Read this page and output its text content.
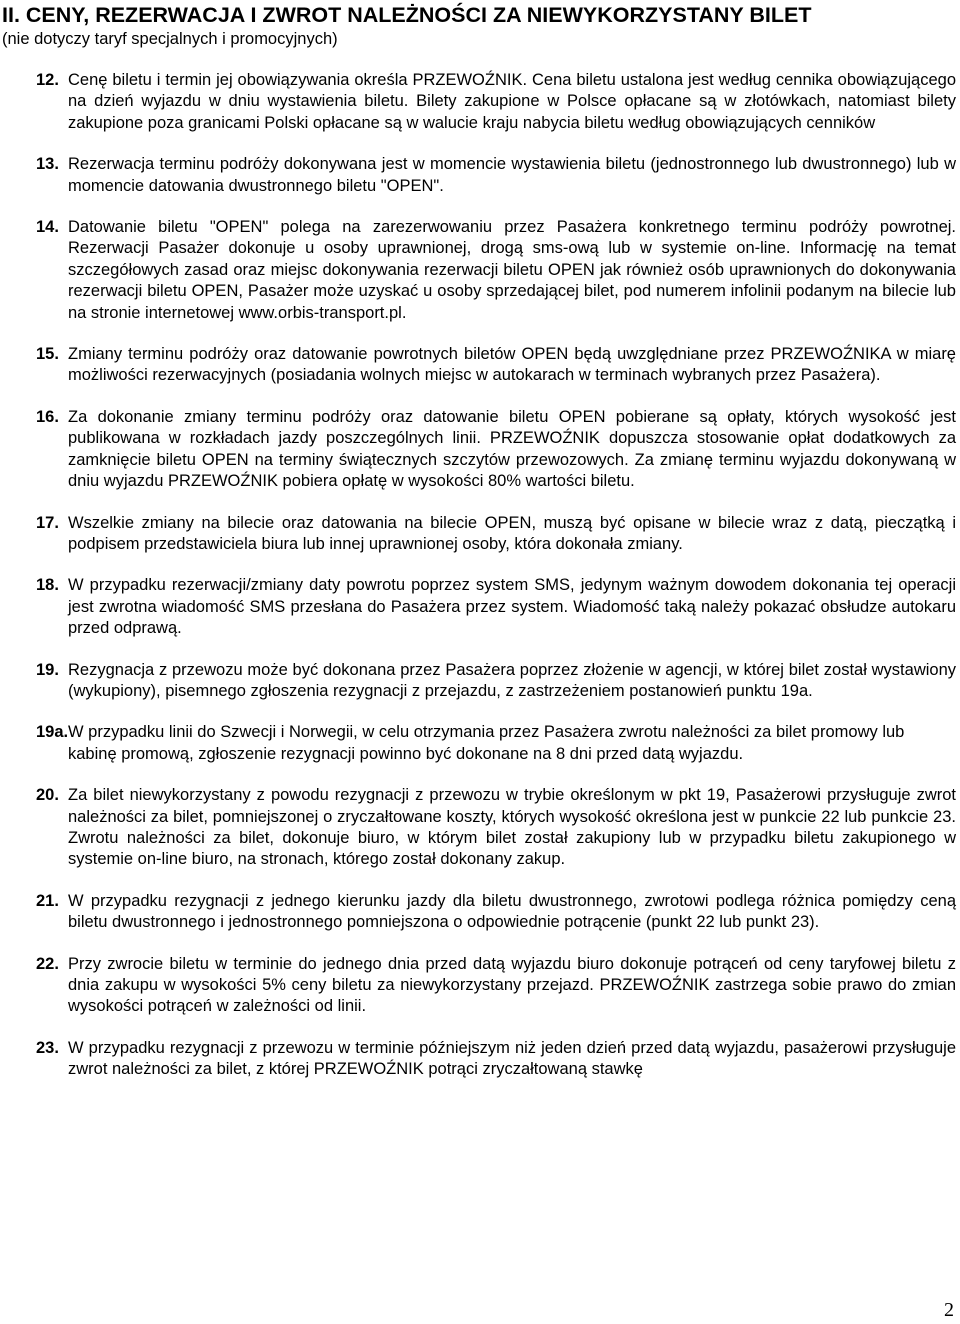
II. CENY, REZERWACJA I ZWROT NALEŻNOŚCI ZA NIEWYKORZYSTANY BILET

(nie dotyczy taryf specjalnych i promocyjnych)

12. Cenę biletu i termin jej obowiązywania określa PRZEWOŹNIK. Cena biletu ustalona jest według cennika obowiązującego na dzień wyjazdu w dniu wystawienia biletu. Bilety zakupione w Polsce opłacane są w złotówkach, natomiast bilety zakupione poza granicami Polski opłacane są w walucie kraju nabycia biletu według obowiązujących cenników
13. Rezerwacja terminu podróży dokonywana jest w momencie wystawienia biletu (jednostronnego lub dwustronnego) lub w momencie datowania dwustronnego biletu "OPEN".
14. Datowanie biletu "OPEN" polega na zarezerwowaniu przez Pasażera konkretnego terminu podróży powrotnej. Rezerwacji Pasażer dokonuje u osoby uprawnionej, drogą sms-ową lub w systemie on-line. Informację na temat szczegółowych zasad oraz miejsc dokonywania rezerwacji biletu OPEN jak również osób uprawnionych do dokonywania rezerwacji biletu OPEN, Pasażer może uzyskać u osoby sprzedającej bilet, pod numerem infolinii podanym na bilecie lub na stronie internetowej www.orbis-transport.pl.
15. Zmiany terminu podróży oraz datowanie powrotnych biletów OPEN będą uwzględniane przez PRZEWOŹNIKA w miarę możliwości rezerwacyjnych (posiadania wolnych miejsc w autokarach w terminach wybranych przez Pasażera).
16. Za dokonanie zmiany terminu podróży oraz datowanie biletu OPEN pobierane są opłaty, których wysokość jest publikowana w rozkładach jazdy poszczególnych linii. PRZEWOŹNIK dopuszcza stosowanie opłat dodatkowych za zamknięcie biletu OPEN na terminy świątecznych szczytów przewozowych. Za zmianę terminu wyjazdu dokonywaną w dniu wyjazdu PRZEWOŹNIK pobiera opłatę w wysokości 80% wartości biletu.
17. Wszelkie zmiany na bilecie oraz datowania na bilecie OPEN, muszą być opisane w bilecie wraz z datą, pieczątką i podpisem przedstawiciela biura lub innej uprawnionej osoby, która dokonała zmiany.
18. W przypadku rezerwacji/zmiany daty powrotu poprzez system SMS, jedynym ważnym dowodem dokonania tej operacji jest zwrotna wiadomość SMS przesłana do Pasażera przez system. Wiadomość taką należy pokazać obsłudze autokaru przed odprawą.
19. Rezygnacja z przewozu może być dokonana przez Pasażera poprzez złożenie w agencji, w której bilet został wystawiony (wykupiony), pisemnego zgłoszenia rezygnacji z przejazdu, z zastrzeżeniem postanowień punktu 19a.
19a. W przypadku linii do Szwecji i Norwegii, w celu otrzymania przez Pasażera zwrotu należności za bilet promowy lub kabinę promową, zgłoszenie rezygnacji powinno być dokonane na 8 dni przed datą wyjazdu.
20. Za bilet niewykorzystany z powodu rezygnacji z przewozu w trybie określonym w pkt 19, Pasażerowi przysługuje zwrot należności za bilet, pomniejszonej o zryczałtowane koszty, których wysokość określona jest w punkcie 22 lub punkcie 23. Zwrotu należności za bilet, dokonuje biuro, w którym bilet został zakupiony lub w przypadku biletu zakupionego w systemie on-line biuro, na stronach, którego został dokonany zakup.
21. W przypadku rezygnacji z jednego kierunku jazdy dla biletu dwustronnego, zwrotowi podlega różnica pomiędzy ceną biletu dwustronnego i jednostronnego pomniejszona o odpowiednie potrącenie (punkt 22 lub punkt 23).
22. Przy zwrocie biletu w terminie do jednego dnia przed datą wyjazdu biuro dokonuje potrąceń od ceny taryfowej biletu z dnia zakupu w wysokości 5% ceny biletu za niewykorzystany przejazd. PRZEWOŹNIK zastrzega sobie prawo do zmian wysokości potrąceń w zależności od linii.
23. W przypadku rezygnacji z przewozu w terminie późniejszym niż jeden dzień przed datą wyjazdu, pasażerowi przysługuje zwrot należności za bilet, z której PRZEWOŹNIK potrąci zryczałtowaną stawkę
2
